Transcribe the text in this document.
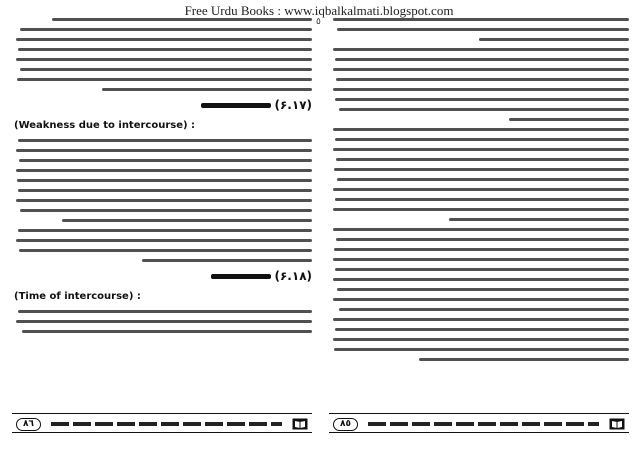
Free Urdu Books : www.iqbalkalmati.blogspot.com
٥
(۶.۱۷)
(Weakness due to intercourse) :
(۶.۱۸)
(Time of intercourse) :
٨٦	٨٥
